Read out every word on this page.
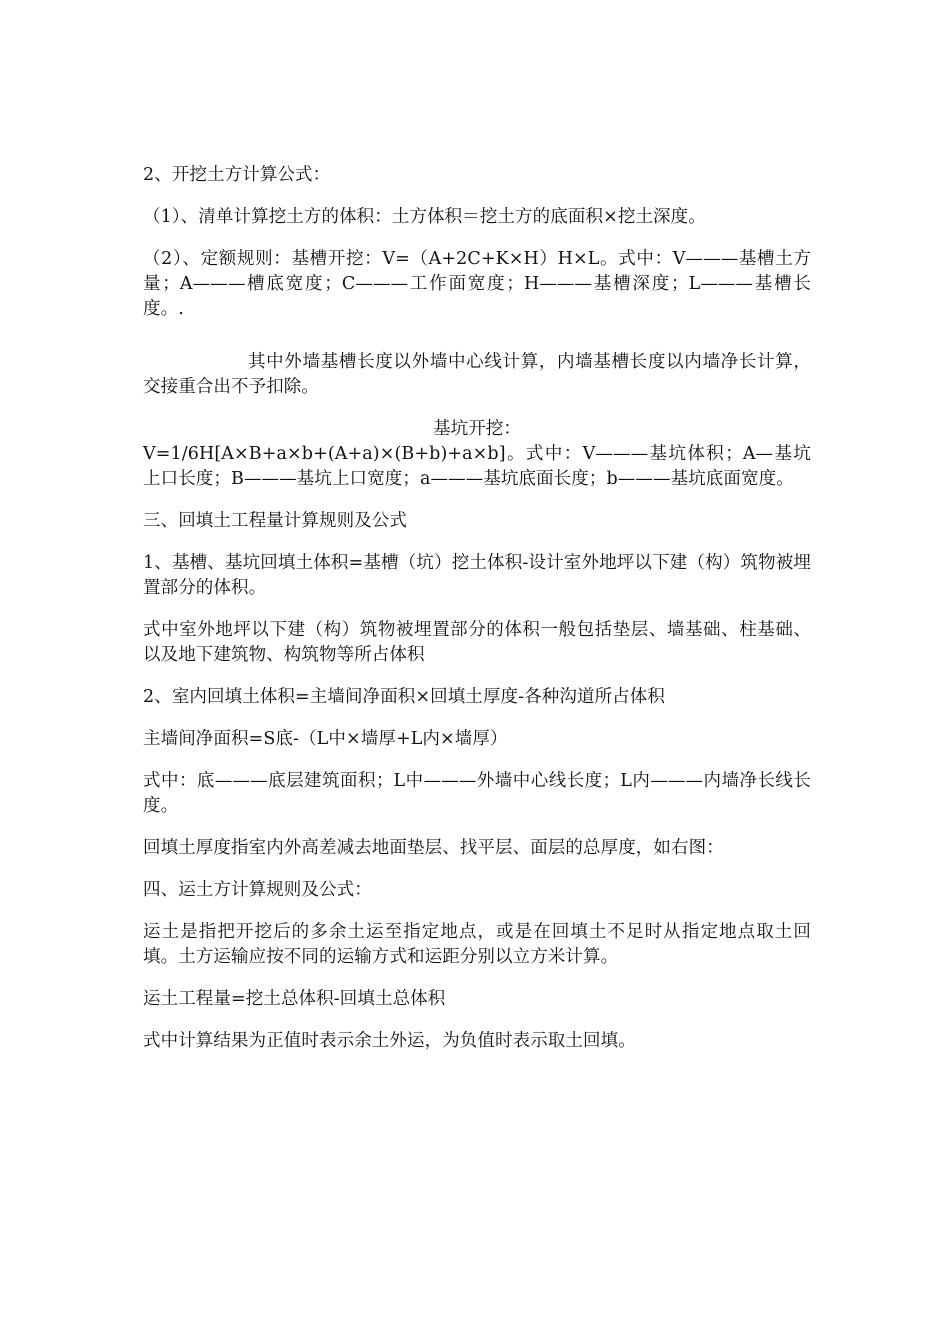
2、开挖土方计算公式：

（1）、清单计算挖土方的体积：土方体积＝挖土方的底面积×挖土深度。

（2）、定额规则：基槽开挖：V=（A+2C+K×H）H×L。式中：V———基槽土方量；A———槽底宽度；C———工作面宽度；H———基槽深度；L———基槽长度。.

其中外墙基槽长度以外墙中心线计算，内墙基槽长度以内墙净长计算，交接重合出不予扣除。

基坑开挖：

V=1/6H[A×B+a×b+(A+a)×(B+b)+a×b]。式中：V———基坑体积；A—基坑上口长度；B———基坑上口宽度；a———基坑底面长度；b———基坑底面宽度。

三、回填土工程量计算规则及公式

1、基槽、基坑回填土体积=基槽（坑）挖土体积-设计室外地坪以下建（构）筑物被埋置部分的体积。

式中室外地坪以下建（构）筑物被埋置部分的体积一般包括垫层、墙基础、柱基础、以及地下建筑物、构筑物等所占体积

2、室内回填土体积=主墙间净面积×回填土厚度-各种沟道所占体积

主墙间净面积=S底-（L中×墙厚+L内×墙厚）

式中：底———底层建筑面积；L中———外墙中心线长度；L内———内墙净长线长度。

回填土厚度指室内外高差减去地面垫层、找平层、面层的总厚度，如右图：

四、运土方计算规则及公式：

运土是指把开挖后的多余土运至指定地点，或是在回填土不足时从指定地点取土回填。土方运输应按不同的运输方式和运距分别以立方米计算。

运土工程量=挖土总体积-回填土总体积

式中计算结果为正值时表示余土外运，为负值时表示取土回填。
